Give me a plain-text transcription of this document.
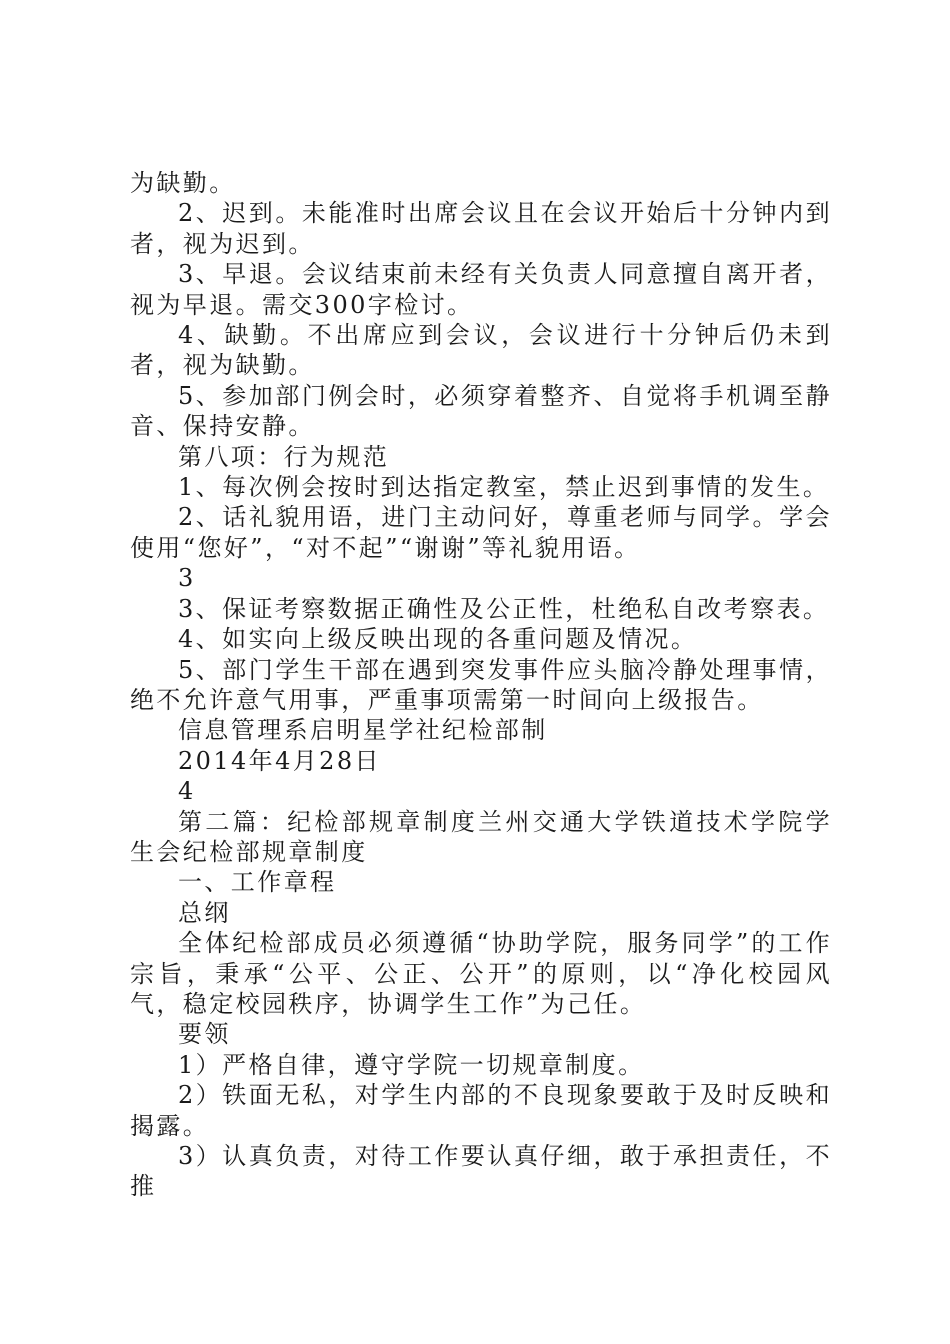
为缺勤。

2、迟到。未能准时出席会议且在会议开始后十分钟内到者，视为迟到。

3、早退。会议结束前未经有关负责人同意擅自离开者，视为早退。需交300字检讨。

4、缺勤。不出席应到会议，会议进行十分钟后仍未到者，视为缺勤。

5、参加部门例会时，必须穿着整齐、自觉将手机调至静音、保持安静。

第八项：行为规范

1、每次例会按时到达指定教室，禁止迟到事情的发生。

2、话礼貌用语，进门主动问好，尊重老师与同学。学会使用“您好”，“对不起”“谢谢”等礼貌用语。

3

3、保证考察数据正确性及公正性，杜绝私自改考察表。

4、如实向上级反映出现的各重问题及情况。

5、部门学生干部在遇到突发事件应头脑冷静处理事情，绝不允许意气用事，严重事项需第一时间向上级报告。

信息管理系启明星学社纪检部制

2014年4月28日

4

第二篇：纪检部规章制度兰州交通大学铁道技术学院学生会纪检部规章制度

一、工作章程

总纲

全体纪检部成员必须遵循“协助学院，服务同学”的工作宗旨，秉承“公平、公正、公开”的原则，以“净化校园风气，稳定校园秩序，协调学生工作”为己任。

要领

1）严格自律，遵守学院一切规章制度。

2）铁面无私，对学生内部的不良现象要敢于及时反映和揭露。

3）认真负责，对待工作要认真仔细，敢于承担责任，不推
